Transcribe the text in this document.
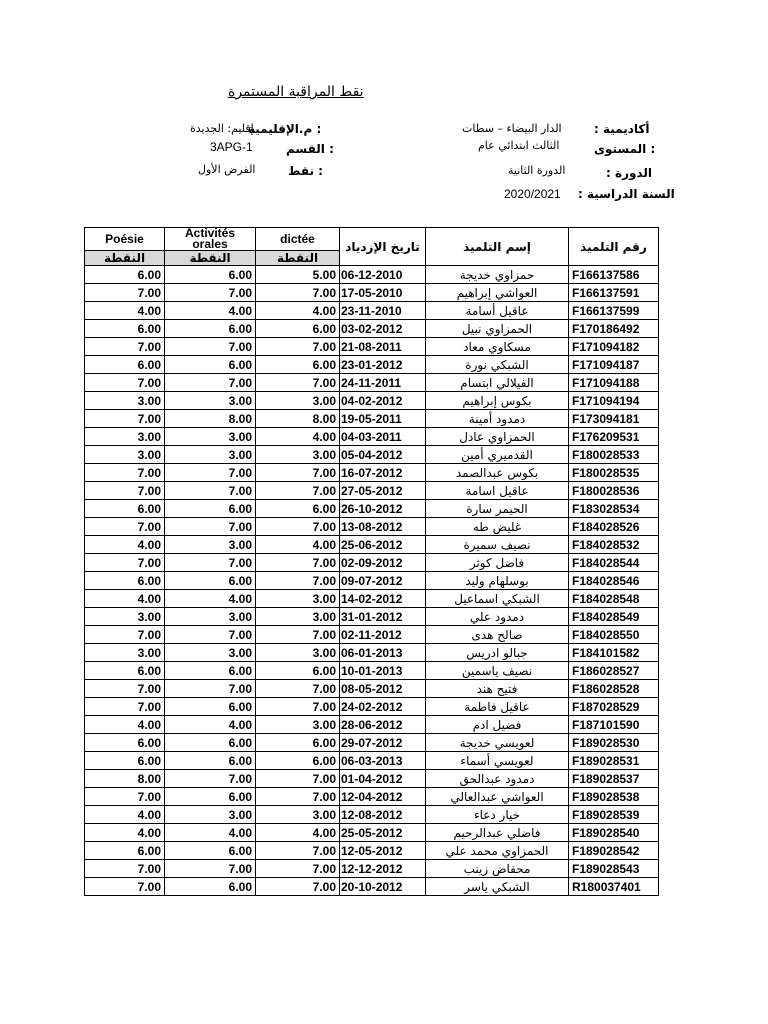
نقط المراقبة المستمرة
: أكاديمية
الدار البيضاء – سطات
المستوى :
الثالث ابتدائي عام
: الدورة
الدورة الثانية
: السنة الدراسية
2020/2021
م.الإقليمية :
إقليم: الجديدة
القسم :
3APG-1
نقط :
الفرض الأول
Poésie	Activités orales	dictée	تاريخ الإزدياد	إسم التلميذ	رقم التلميذ
النقطة	النقطة	النقطة			
6.00	6.00	5.00	06-12-2010	حمزاوي خديجة	F166137586
7.00	7.00	7.00	17-05-2010	العواشي إبراهيم	F166137591
4.00	4.00	4.00	23-11-2010	عاقيل أسامة	F166137599
6.00	6.00	6.00	03-02-2012	الحمزاوي نبيل	F170186492
7.00	7.00	7.00	21-08-2011	مسكاوي معاد	F171094182
6.00	6.00	6.00	23-01-2012	الشبكي نورة	F171094187
7.00	7.00	7.00	24-11-2011	الفيلالي ابتسام	F171094188
3.00	3.00	3.00	04-02-2012	بكوس إبراهيم	F171094194
7.00	8.00	8.00	19-05-2011	دمدود أمينة	F173094181
3.00	3.00	4.00	04-03-2011	الحمزاوي عادل	F176209531
3.00	3.00	3.00	05-04-2012	القدميري أمين	F180028533
7.00	7.00	7.00	16-07-2012	بكوس عبدالصمد	F180028535
7.00	7.00	7.00	27-05-2012	عاقيل اسامة	F180028536
6.00	6.00	6.00	26-10-2012	الحيمر سارة	F183028534
7.00	7.00	7.00	13-08-2012	غليض طه	F184028526
4.00	3.00	4.00	25-06-2012	نصيف سميرة	F184028532
7.00	7.00	7.00	02-09-2012	فاضل كوثر	F184028544
6.00	6.00	7.00	09-07-2012	بوسلهام وليد	F184028546
4.00	4.00	3.00	14-02-2012	الشبكي اسماعيل	F184028548
3.00	3.00	3.00	31-01-2012	دمدود علي	F184028549
7.00	7.00	7.00	02-11-2012	صالح هدى	F184028550
3.00	3.00	3.00	06-01-2013	جبالو ادريس	F184101582
6.00	6.00	6.00	10-01-2013	نصيف ياسمين	F186028527
7.00	7.00	7.00	08-05-2012	فتيح هند	F186028528
7.00	6.00	7.00	24-02-2012	عاقيل فاطمة	F187028529
4.00	4.00	3.00	28-06-2012	فضيل ادم	F187101590
6.00	6.00	6.00	29-07-2012	لعويسي خديجة	F189028530
6.00	6.00	6.00	06-03-2013	لعويسي أسماء	F189028531
8.00	7.00	7.00	01-04-2012	دمدود عبدالحق	F189028537
7.00	6.00	7.00	12-04-2012	العواشي عبدالعالي	F189028538
4.00	3.00	3.00	12-08-2012	خيار دعاء	F189028539
4.00	4.00	4.00	25-05-2012	فاضلي عبدالرحيم	F189028540
6.00	6.00	7.00	12-05-2012	الحمزاوي محمد علي	F189028542
7.00	7.00	7.00	12-12-2012	محفاض زينب	F189028543
7.00	6.00	7.00	20-10-2012	الشبكي ياسر	R180037401
